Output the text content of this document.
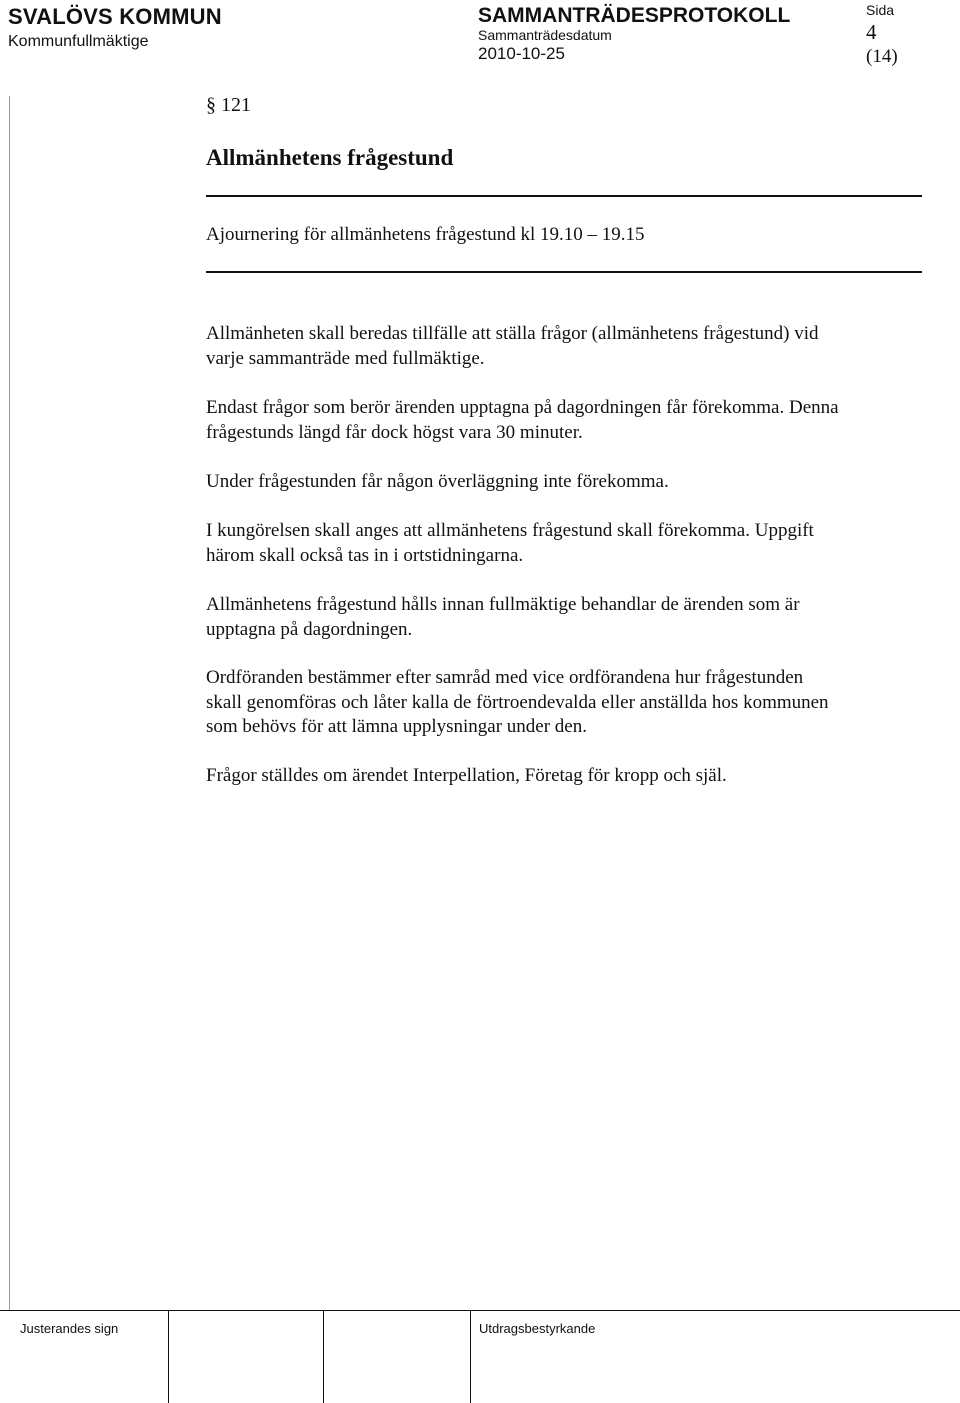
SVALÖVS KOMMUN
Kommunfullmäktige
SAMMANTRÄDESPROTOKOLL
Sammanträdesdatum
2010-10-25
Sida
4
(14)
§ 121
Allmänhetens frågestund
Ajournering för allmänhetens frågestund kl 19.10 – 19.15
Allmänheten skall beredas tillfälle att ställa frågor (allmänhetens frågestund) vid
varje sammanträde med fullmäktige.
Endast frågor som berör ärenden upptagna på dagordningen får förekomma. Denna
frågestunds längd får dock högst vara 30 minuter.
Under frågestunden får någon överläggning inte förekomma.
I kungörelsen skall anges att allmänhetens frågestund skall förekomma. Uppgift
härom skall också tas in i ortstidningarna.
Allmänhetens frågestund hålls innan fullmäktige behandlar de ärenden som är
upptagna på dagordningen.
Ordföranden bestämmer efter samråd med vice ordförandena hur frågestunden
skall genomföras och låter kalla de förtroendevalda eller anställda hos kommunen
som behövs för att lämna upplysningar under den.
Frågor ställdes om ärendet Interpellation, Företag för kropp och själ.
Justerandes sign	Utdragsbestyrkande
